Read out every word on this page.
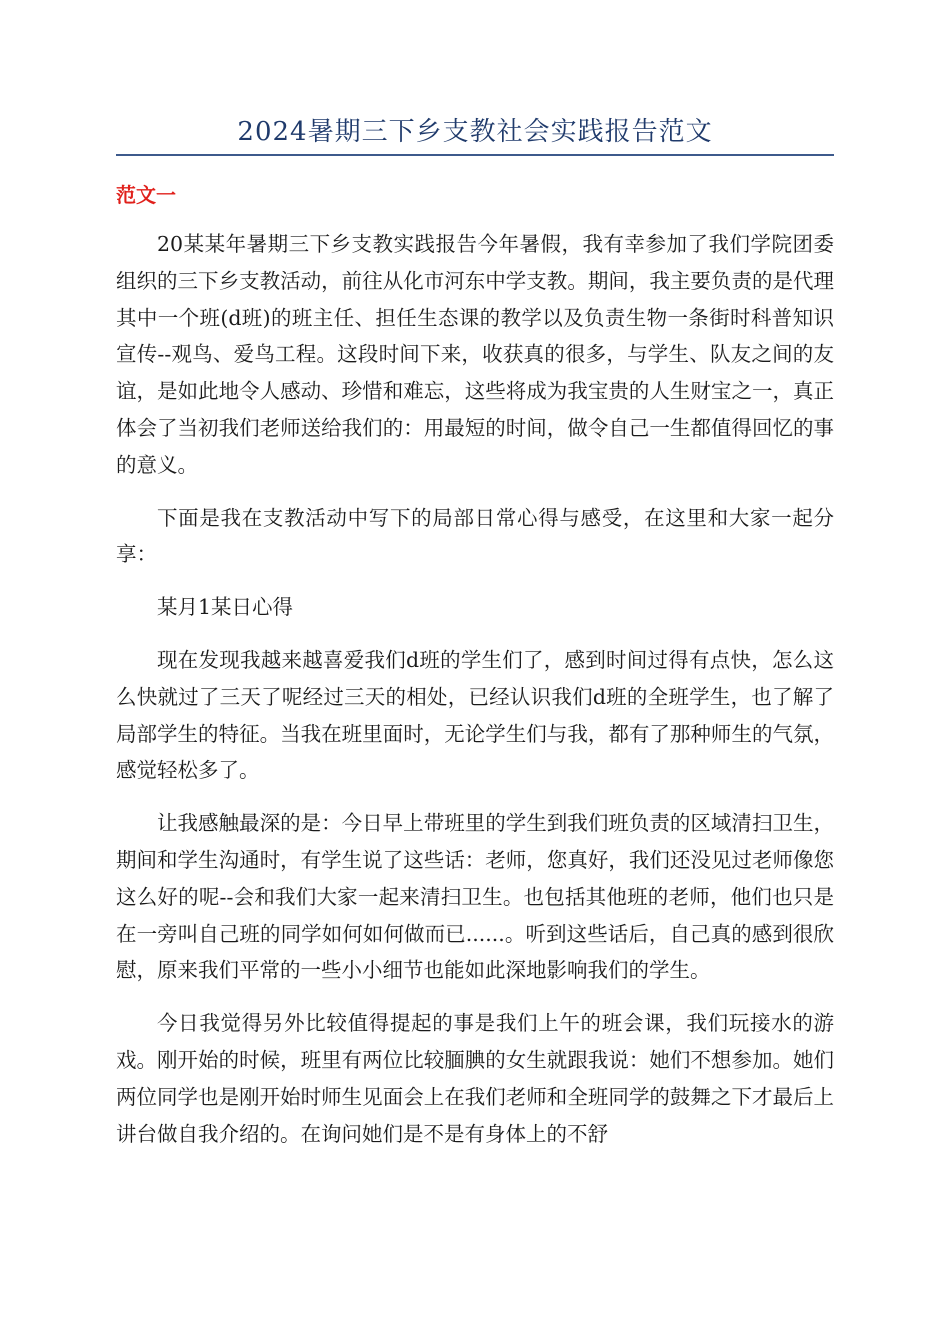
2024暑期三下乡支教社会实践报告范文
范文一

20某某年暑期三下乡支教实践报告今年暑假，我有幸参加了我们学院团委组织的三下乡支教活动，前往从化市河东中学支教。期间，我主要负责的是代理其中一个班(d班)的班主任、担任生态课的教学以及负责生物一条街时科普知识宣传--观鸟、爱鸟工程。这段时间下来，收获真的很多，与学生、队友之间的友谊，是如此地令人感动、珍惜和难忘，这些将成为我宝贵的人生财宝之一，真正体会了当初我们老师送给我们的：用最短的时间，做令自己一生都值得回忆的事的意义。

下面是我在支教活动中写下的局部日常心得与感受，在这里和大家一起分享：

某月1某日心得

现在发现我越来越喜爱我们d班的学生们了，感到时间过得有点快，怎么这么快就过了三天了呢经过三天的相处，已经认识我们d班的全班学生，也了解了局部学生的特征。当我在班里面时，无论学生们与我，都有了那种师生的气氛，感觉轻松多了。

让我感触最深的是：今日早上带班里的学生到我们班负责的区域清扫卫生，期间和学生沟通时，有学生说了这些话：老师，您真好，我们还没见过老师像您这么好的呢--会和我们大家一起来清扫卫生。也包括其他班的老师，他们也只是在一旁叫自己班的同学如何如何做而已......。听到这些话后，自己真的感到很欣慰，原来我们平常的一些小小细节也能如此深地影响我们的学生。

今日我觉得另外比较值得提起的事是我们上午的班会课，我们玩接水的游戏。刚开始的时候，班里有两位比较腼腆的女生就跟我说：她们不想参加。她们两位同学也是刚开始时师生见面会上在我们老师和全班同学的鼓舞之下才最后上讲台做自我介绍的。在询问她们是不是有身体上的不舒
